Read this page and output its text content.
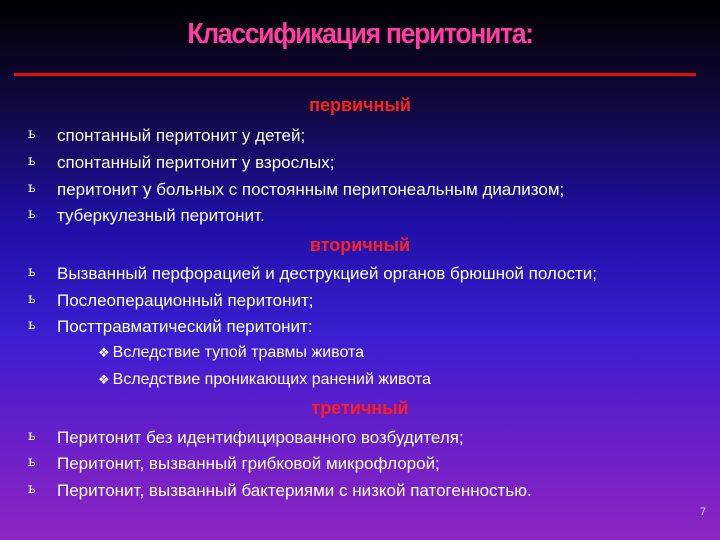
Классификация перитонита:
первичный
ь спонтанный перитонит у детей;
ь спонтанный перитонит у взрослых;
ь перитонит у больных с постоянным перитонеальным диализом;
ь туберкулезный перитонит.
вторичный
ь Вызванный перфорацией и деструкцией органов брюшной полости;
ь Послеоперационный перитонит;
ь Посттравматический перитонит:
❖ Вследствие тупой травмы живота
❖ Вследствие проникающих ранений живота
третичный
ь Перитонит без идентифицированного возбудителя;
ь Перитонит, вызванный грибковой микрофлорой;
ь Перитонит, вызванный бактериями с низкой патогенностью.
7
